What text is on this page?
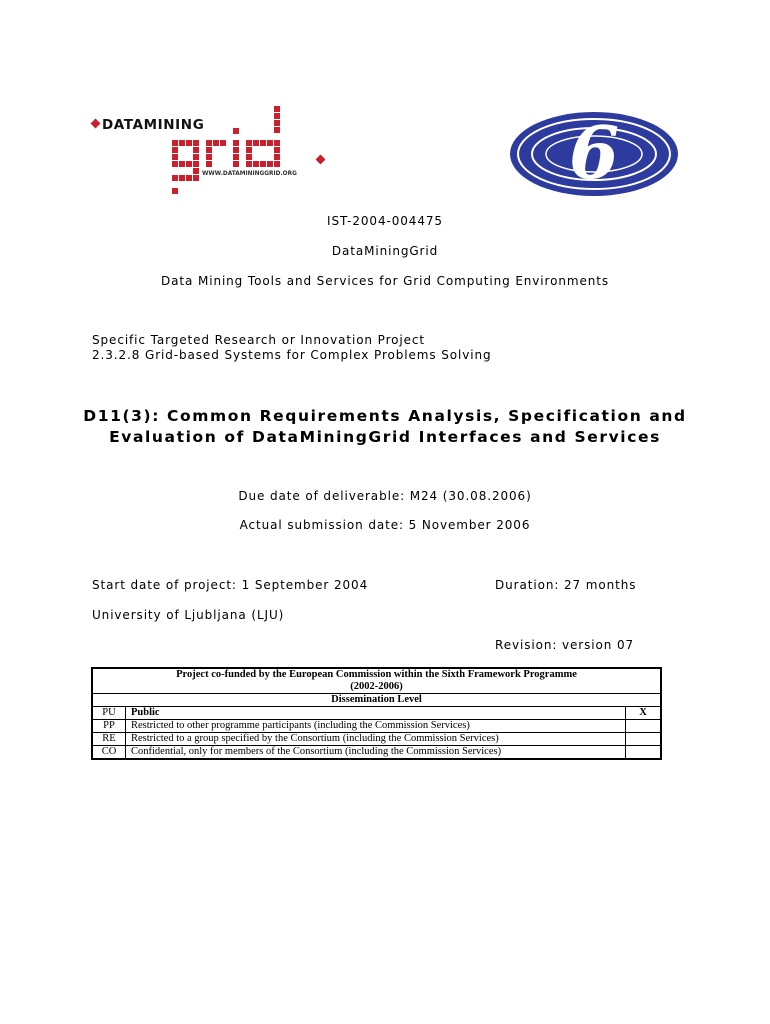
DATAMINING
WWW.DATAMININGGRID.ORG	6
IST-2004-004475
DataMiningGrid
Data Mining Tools and Services for Grid Computing Environments
Specific Targeted Research or Innovation Project
2.3.2.8 Grid-based Systems for Complex Problems Solving
D11(3): Common Requirements Analysis, Specification and
Evaluation of DataMiningGrid Interfaces and Services
Due date of deliverable: M24 (30.08.2006)
Actual submission date: 5 November 2006
Start date of project: 1 September 2004	Duration: 27 months
University of Ljubljana (LJU)
Revision: version 07
Project co-funded by the European Commission within the Sixth Framework Programme
(2002-2006)		

Dissemination Level		
PU	Public	X
PP	Restricted to other programme participants (including the Commission Services)	
RE	Restricted to a group specified by the Consortium (including the Commission Services)	
CO	Confidential, only for members of the Consortium (including the Commission Services)	
